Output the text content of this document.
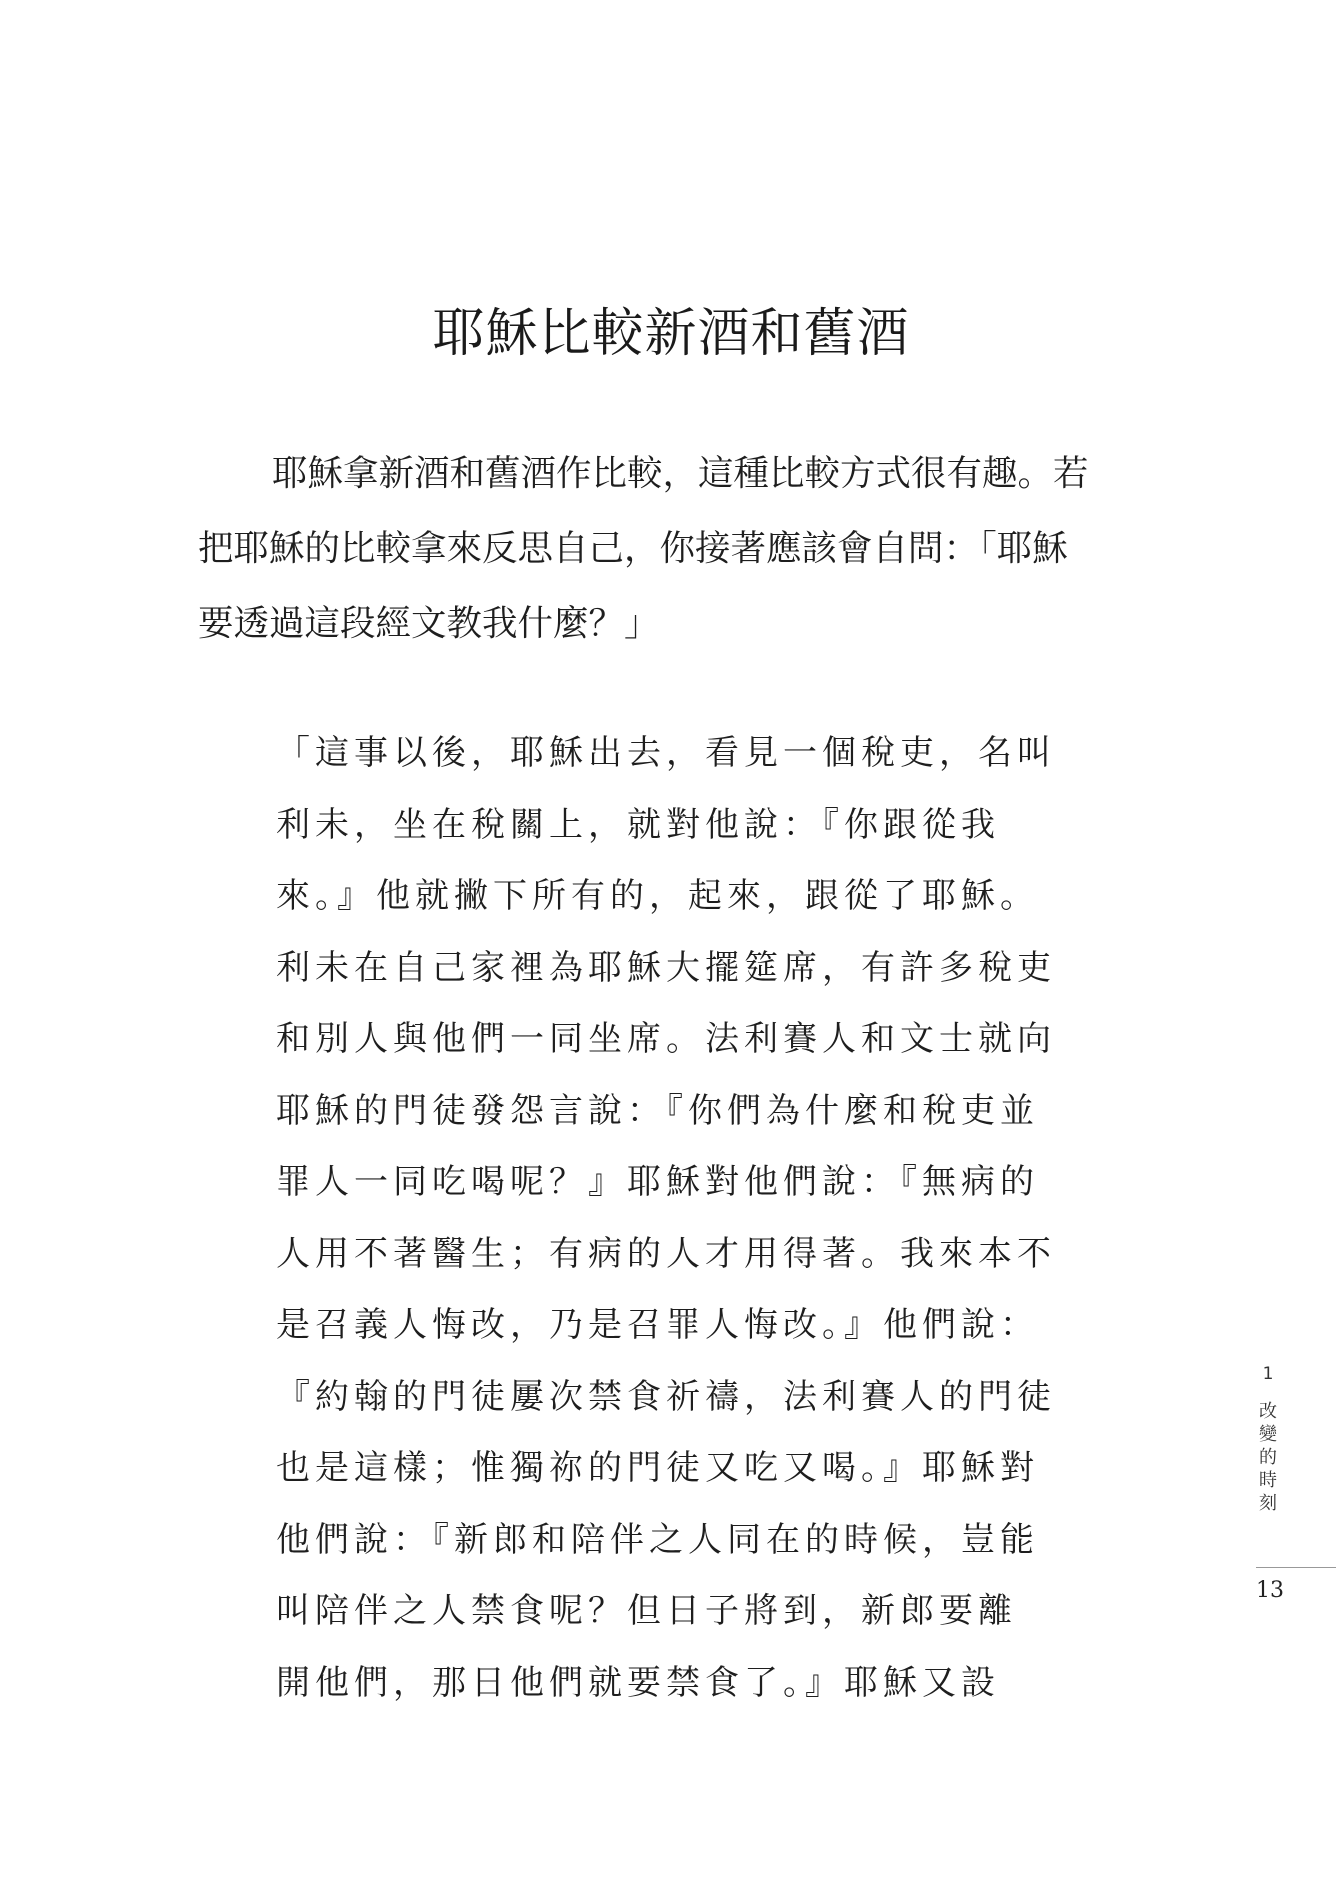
耶穌比較新酒和舊酒
耶穌拿新酒和舊酒作比較，這種比較方式很有趣。若
把耶穌的比較拿來反思自己，你接著應該會自問：「耶穌
要透過這段經文教我什麼？」
「這事以後，耶穌出去，看見一個稅吏，名叫
利未，坐在稅關上，就對他說：『你跟從我
來。』他就撇下所有的，起來，跟從了耶穌。
利未在自己家裡為耶穌大擺筵席，有許多稅吏
和別人與他們一同坐席。法利賽人和文士就向
耶穌的門徒發怨言說：『你們為什麼和稅吏並
罪人一同吃喝呢？』耶穌對他們說：『無病的
人用不著醫生；有病的人才用得著。我來本不
是召義人悔改，乃是召罪人悔改。』他們說：
『約翰的門徒屢次禁食祈禱，法利賽人的門徒
也是這樣；惟獨祢的門徒又吃又喝。』耶穌對
他們說：『新郎和陪伴之人同在的時候，豈能
叫陪伴之人禁食呢？但日子將到，新郎要離
開他們，那日他們就要禁食了。』耶穌又設
1
改變的時刻
13
